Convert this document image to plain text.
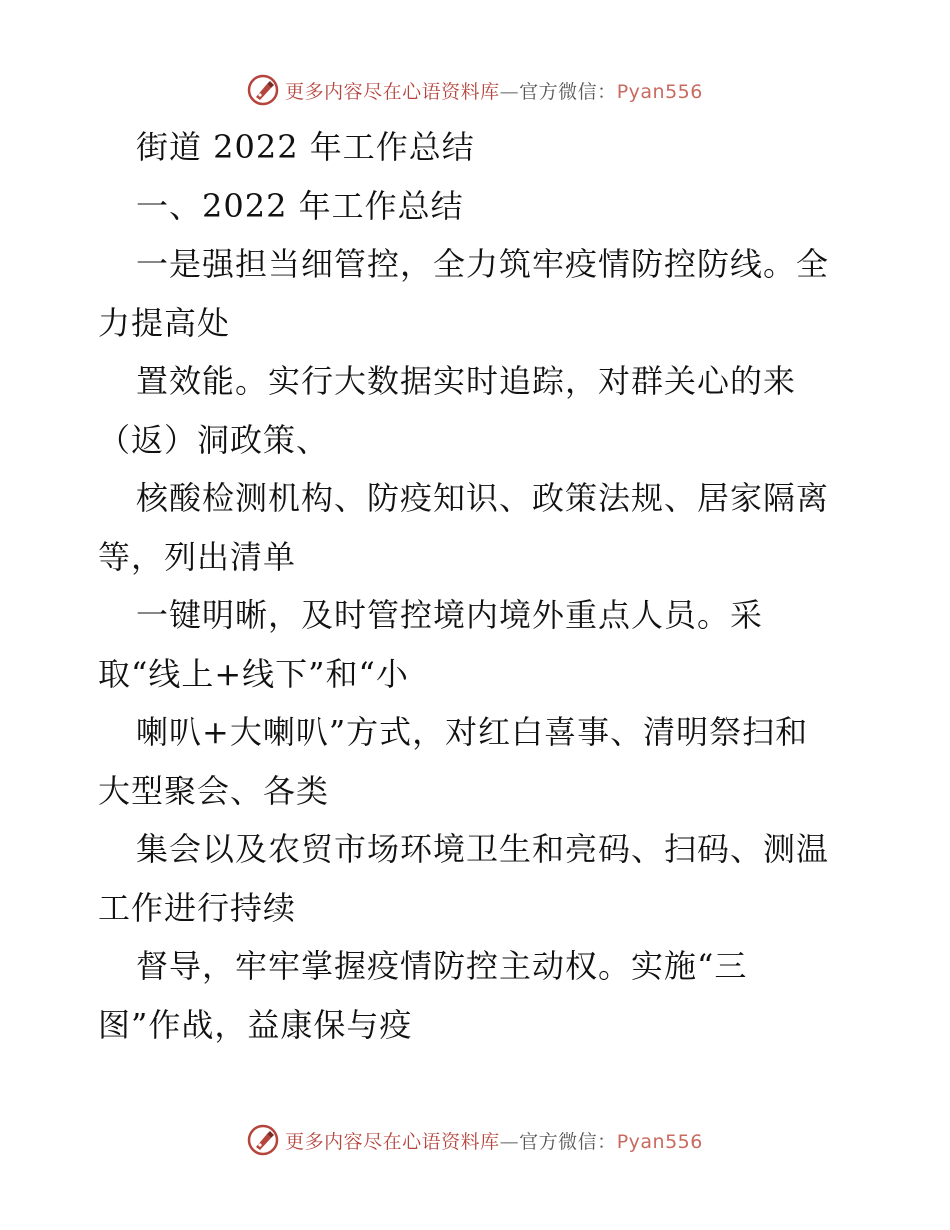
更多内容尽在心语资料库—官方微信：Pyan556
街道 2022 年工作总结
一、2022 年工作总结
一是强担当细管控，全力筑牢疫情防控防线。全
力提高处
置效能。实行大数据实时追踪，对群关心的来
（返）洞政策、
核酸检测机构、防疫知识、政策法规、居家隔离
等，列出清单
一键明晰，及时管控境内境外重点人员。采
取“线上+线下”和“小
喇叭+大喇叭”方式，对红白喜事、清明祭扫和
大型聚会、各类
集会以及农贸市场环境卫生和亮码、扫码、测温
工作进行持续
督导，牢牢掌握疫情防控主动权。实施“三
图”作战，益康保与疫
更多内容尽在心语资料库—官方微信：Pyan556
